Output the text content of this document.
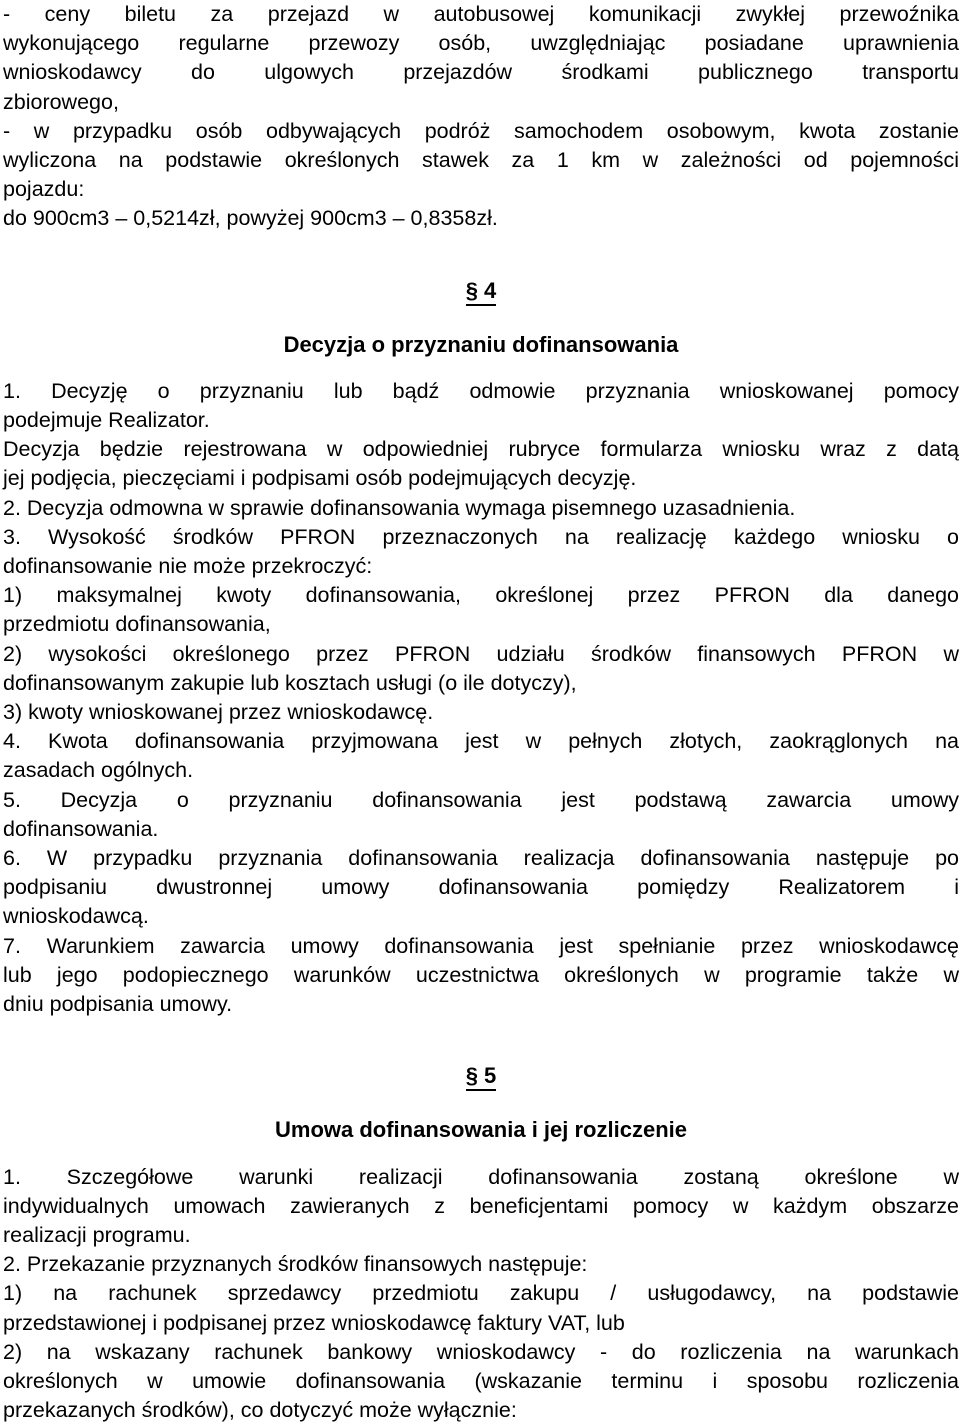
- ceny biletu za przejazd w autobusowej komunikacji zwykłej przewoźnika

wykonującego regularne przewozy osób, uwzględniając posiadane uprawnienia

wnioskodawcy do ulgowych przejazdów środkami publicznego transportu

zbiorowego,

- w przypadku osób odbywających podróż samochodem osobowym, kwota zostanie

wyliczona na podstawie określonych stawek za 1 km w zależności od pojemności

pojazdu:

do 900cm3 – 0,5214zł, powyżej 900cm3 – 0,8358zł.

§ 4
Decyzja o przyznaniu dofinansowania

1. Decyzję o przyznaniu lub bądź odmowie przyznania wnioskowanej pomocy

podejmuje Realizator.

Decyzja będzie rejestrowana w odpowiedniej rubryce formularza wniosku wraz z datą

jej podjęcia, pieczęciami i podpisami osób podejmujących decyzję.

2. Decyzja odmowna w sprawie dofinansowania wymaga pisemnego uzasadnienia.

3. Wysokość środków PFRON przeznaczonych na realizację każdego wniosku o

dofinansowanie nie może przekroczyć:

1) maksymalnej kwoty dofinansowania, określonej przez PFRON dla danego

przedmiotu dofinansowania,

2) wysokości określonego przez PFRON udziału środków finansowych PFRON w

dofinansowanym zakupie lub kosztach usługi (o ile dotyczy),

3) kwoty wnioskowanej przez wnioskodawcę.

4. Kwota dofinansowania przyjmowana jest w pełnych złotych, zaokrąglonych na

zasadach ogólnych.

5. Decyzja o przyznaniu dofinansowania jest podstawą zawarcia umowy

dofinansowania.

6. W przypadku przyznania dofinansowania realizacja dofinansowania następuje po

podpisaniu dwustronnej umowy dofinansowania pomiędzy Realizatorem i

wnioskodawcą.

7. Warunkiem zawarcia umowy dofinansowania jest spełnianie przez wnioskodawcę

lub jego podopiecznego warunków uczestnictwa określonych w programie także w

dniu podpisania umowy.

§ 5
Umowa dofinansowania i jej rozliczenie

1. Szczegółowe warunki realizacji dofinansowania zostaną określone w

indywidualnych umowach zawieranych z beneficjentami pomocy w każdym obszarze

realizacji programu.

2. Przekazanie przyznanych środków finansowych następuje:

1) na rachunek sprzedawcy przedmiotu zakupu / usługodawcy, na podstawie

przedstawionej i podpisanej przez wnioskodawcę faktury VAT, lub

2) na wskazany rachunek bankowy wnioskodawcy - do rozliczenia na warunkach

określonych w umowie dofinansowania (wskazanie terminu i sposobu rozliczenia

przekazanych środków), co dotyczyć może wyłącznie:
